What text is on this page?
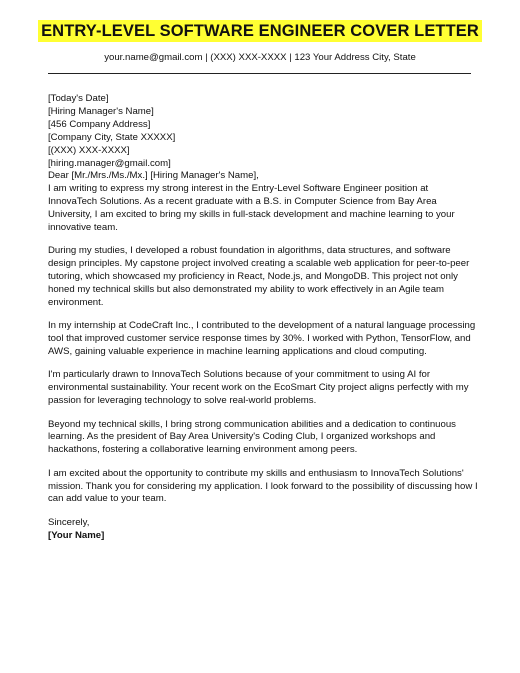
ENTRY-LEVEL SOFTWARE ENGINEER COVER LETTER
your.name@gmail.com | (XXX) XXX-XXXX | 123 Your Address City, State

[Today's Date]

[Hiring Manager's Name]
[456 Company Address]
[Company City, State XXXXX]
[(XXX) XXX-XXXX]
[hiring.manager@gmail.com]

Dear [Mr./Mrs./Ms./Mx.] [Hiring Manager's Name],

I am writing to express my strong interest in the Entry-Level Software Engineer position at InnovaTech Solutions. As a recent graduate with a B.S. in Computer Science from Bay Area University, I am excited to bring my skills in full-stack development and machine learning to your innovative team.

During my studies, I developed a robust foundation in algorithms, data structures, and software design principles. My capstone project involved creating a scalable web application for peer-to-peer tutoring, which showcased my proficiency in React, Node.js, and MongoDB. This project not only honed my technical skills but also demonstrated my ability to work effectively in an Agile team environment.

In my internship at CodeCraft Inc., I contributed to the development of a natural language processing tool that improved customer service response times by 30%. I worked with Python, TensorFlow, and AWS, gaining valuable experience in machine learning applications and cloud computing.

I'm particularly drawn to InnovaTech Solutions because of your commitment to using AI for environmental sustainability. Your recent work on the EcoSmart City project aligns perfectly with my passion for leveraging technology to solve real-world problems.

Beyond my technical skills, I bring strong communication abilities and a dedication to continuous learning. As the president of Bay Area University's Coding Club, I organized workshops and hackathons, fostering a collaborative learning environment among peers.

I am excited about the opportunity to contribute my skills and enthusiasm to InnovaTech Solutions' mission. Thank you for considering my application. I look forward to the possibility of discussing how I can add value to your team.

Sincerely,

[Your Name]
